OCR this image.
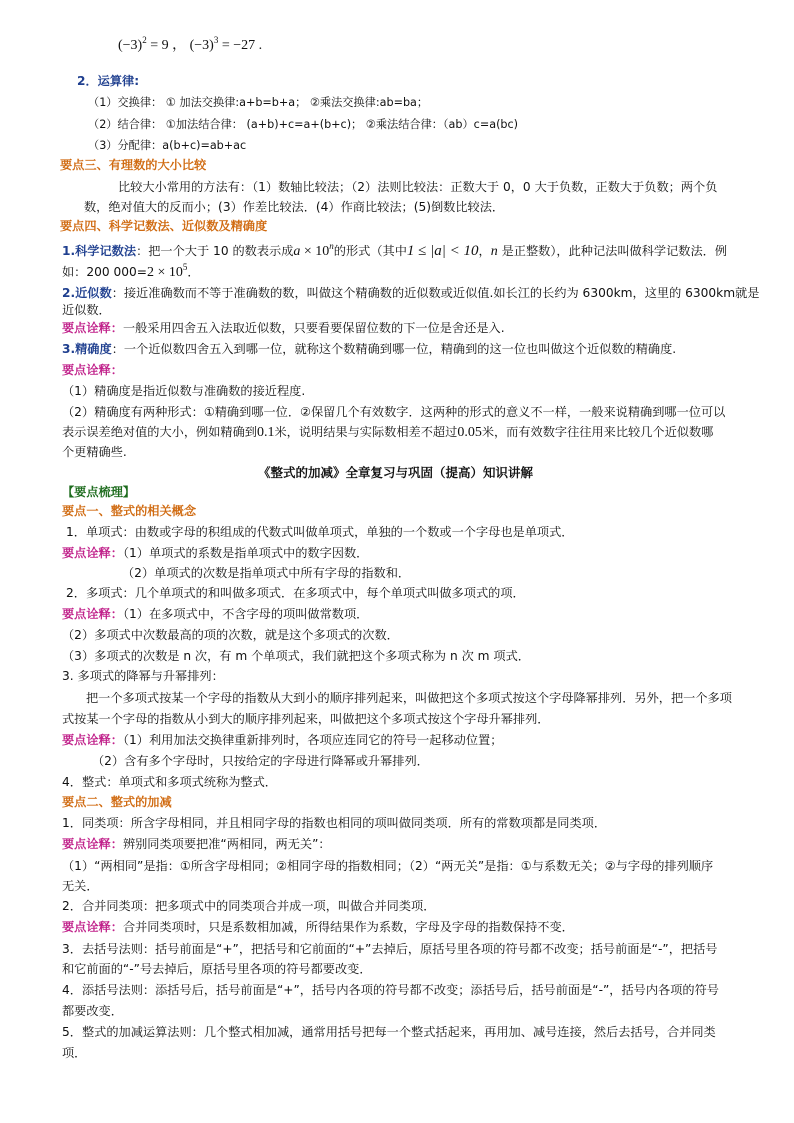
$(-3)^2 = 9$ ， $(-3)^3 = -27$ .
2．运算律:
（1）交换律： ① 加法交换律:a+b=b+a； ②乘法交换律:ab=ba；
（2）结合律： ①加法结合律： (a+b)+c=a+(b+c)； ②乘法结合律：（ab）c=a(bc)
（3）分配律：a(b+c)=ab+ac
要点三、有理数的大小比较
比较大小常用的方法有：（1）数轴比较法；（2）法则比较法：正数大于 0，0 大于负数，正数大于负数；两个负
数，绝对值大的反而小；(3）作差比较法．(4）作商比较法；(5)倒数比较法．
要点四、科学记数法、近似数及精确度
1.科学记数法：把一个大于 10 的数表示成$a \times 10^n$的形式（其中1 ≤ |a| < 10，n 是正整数），此种记法叫做科学记数法．例
如：200 $000=2 \times 10^5$．
2.近似数：接近准确数而不等于准确数的数，叫做这个精确数的近似数或近似值.如长江的长约为 6300km，这里的 6300km就是
近似数．
要点诠释：一般采用四舍五入法取近似数，只要看要保留位数的下一位是舍还是入.
3.精确度：一个近似数四舍五入到哪一位，就称这个数精确到哪一位，精确到的这一位也叫做这个近似数的精确度.
要点诠释：
（1）精确度是指近似数与准确数的接近程度.
（2）精确度有两种形式：①精确到哪一位．②保留几个有效数字．这两种的形式的意义不一样，一般来说精确到哪一位可以
表示误差绝对值的大小，例如精确到0.1米，说明结果与实际数相差不超过0.05米，而有效数字往往用来比较几个近似数哪
个更精确些.
《整式的加减》全章复习与巩固（提高）知识讲解
【要点梳理】
要点一、整式的相关概念
1．单项式：由数或字母的积组成的代数式叫做单项式，单独的一个数或一个字母也是单项式．
要点诠释：（1）单项式的系数是指单项式中的数字因数．
（2）单项式的次数是指单项式中所有字母的指数和．
2．多项式：几个单项式的和叫做多项式．在多项式中，每个单项式叫做多项式的项．
要点诠释：（1）在多项式中，不含字母的项叫做常数项．
（2）多项式中次数最高的项的次数，就是这个多项式的次数．
（3）多项式的次数是 n 次，有 m 个单项式，我们就把这个多项式称为 n 次 m 项式．
3. 多项式的降幂与升幂排列：
把一个多项式按某一个字母的指数从大到小的顺序排列起来，叫做把这个多项式按这个字母降幂排列．另外，把一个多项
式按某一个字母的指数从小到大的顺序排列起来，叫做把这个多项式按这个字母升幂排列．
要点诠释：（1）利用加法交换律重新排列时，各项应连同它的符号一起移动位置；
（2）含有多个字母时，只按给定的字母进行降幂或升幂排列．
4．整式：单项式和多项式统称为整式．
要点二、整式的加减
1．同类项：所含字母相同，并且相同字母的指数也相同的项叫做同类项．所有的常数项都是同类项．
要点诠释：辨别同类项要把准“两相同，两无关”：
（1）“两相同”是指：①所含字母相同；②相同字母的指数相同；（2）“两无关”是指：①与系数无关；②与字母的排列顺序
无关．
2．合并同类项：把多项式中的同类项合并成一项，叫做合并同类项．
要点诠释：合并同类项时，只是系数相加减，所得结果作为系数，字母及字母的指数保持不变．
3．去括号法则：括号前面是“+”，把括号和它前面的“+”去掉后，原括号里各项的符号都不改变；括号前面是“-”，把括号
和它前面的“-”号去掉后，原括号里各项的符号都要改变．
4．添括号法则：添括号后，括号前面是“+”，括号内各项的符号都不改变；添括号后，括号前面是“-”，括号内各项的符号
都要改变．
5．整式的加减运算法则：几个整式相加减，通常用括号把每一个整式括起来，再用加、减号连接，然后去括号，合并同类
项．
